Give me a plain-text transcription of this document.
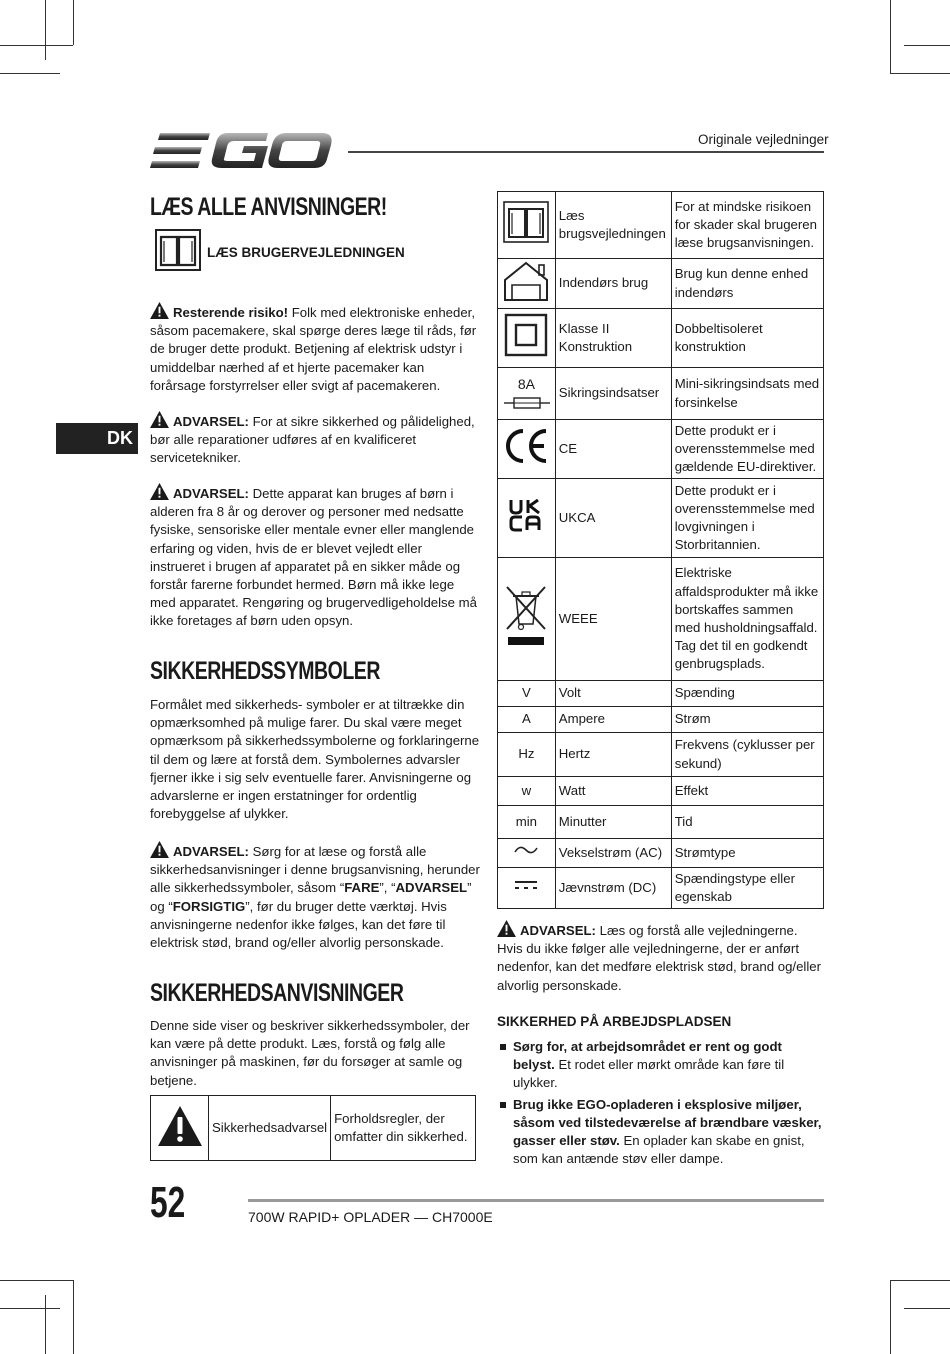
Originale vejledninger
DK
LÆS ALLE ANVISNINGER!
LÆS BRUGERVEJLEDNINGEN
Resterende risiko! Folk med elektroniske enheder, såsom pacemakere, skal spørge deres læge til råds, før de bruger dette produkt. Betjening af elektrisk udstyr i umiddelbar nærhed af et hjerte pacemaker kan forårsage forstyrrelser eller svigt af pacemakeren.
ADVARSEL: For at sikre sikkerhed og pålidelighed, bør alle reparationer udføres af en kvalificeret servicetekniker.
ADVARSEL: Dette apparat kan bruges af børn i alderen fra 8 år og derover og personer med nedsatte fysiske, sensoriske eller mentale evner eller manglende erfaring og viden, hvis de er blevet vejledt eller instrueret i brugen af apparatet på en sikker måde og forstår farerne forbundet hermed. Børn må ikke lege med apparatet. Rengøring og brugervedligeholdelse må ikke foretages af børn uden opsyn.
SIKKERHEDSSYMBOLER
Formålet med sikkerheds- symboler er at tiltrække din opmærksomhed på mulige farer. Du skal være meget opmærksom på sikkerhedssymbolerne og forklaringerne til dem og lære at forstå dem. Symbolernes advarsler fjerner ikke i sig selv eventuelle farer. Anvisningerne og advarslerne er ingen erstatninger for ordentlig forebyggelse af ulykker.
ADVARSEL: Sørg for at læse og forstå alle sikkerhedsanvisninger i denne brugsanvisning, herunder alle sikkerhedssymboler, såsom “FARE”, “ADVARSEL” og “FORSIGTIG”, før du bruger dette værktøj. Hvis anvisningerne nedenfor ikke følges, kan det føre til elektrisk stød, brand og/eller alvorlig personskade.
SIKKERHEDSANVISNINGER
Denne side viser og beskriver sikkerhedssymboler, der kan være på dette produkt. Læs, forstå og følg alle anvisninger på maskinen, før du forsøger at samle og betjene.
	Sikkerhedsadvarsel	Forholdsregler, der omfatter din sikkerhed.
	Læs brugsvejledningen	For at mindske risikoen for skader skal brugeren læse brugsanvisningen.
	Indendørs brug	Brug kun denne enhed indendørs
	Klasse II Konstruktion	Dobbeltisoleret konstruktion

8A	Sikringsindsatser	Mini-sikringsindsats med forsinkelse
	CE	Dette produkt er i overensstemmelse med gældende EU-direktiver.
	UKCA	Dette produkt er i overensstemmelse med lovgivningen i Storbritannien.
	WEEE	Elektriske affaldsprodukter må ikke bortskaffes sammen med husholdningsaffald. Tag det til en godkendt genbrugsplads.
V	Volt	Spænding
A	Ampere	Strøm
Hz	Hertz	Frekvens (cyklusser per sekund)
w	Watt	Effekt
min	Minutter	Tid
	Vekselstrøm (AC)	Strømtype
	Jævnstrøm (DC)	Spændingstype eller egenskab
ADVARSEL: Læs og forstå alle vejledningerne. Hvis du ikke følger alle vejledningerne, der er anført nedenfor, kan det medføre elektrisk stød, brand og/eller alvorlig personskade.
SIKKERHED PÅ ARBEJDSPLADSEN
Sørg for, at arbejdsområdet er rent og godt belyst. Et rodet eller mørkt område kan føre til ulykker.
Brug ikke EGO-opladeren i eksplosive miljøer, såsom ved tilstedeværelse af brændbare væsker, gasser eller støv. En oplader kan skabe en gnist, som kan antænde støv eller dampe.
52	700W RAPID+ OPLADER — CH7000E
